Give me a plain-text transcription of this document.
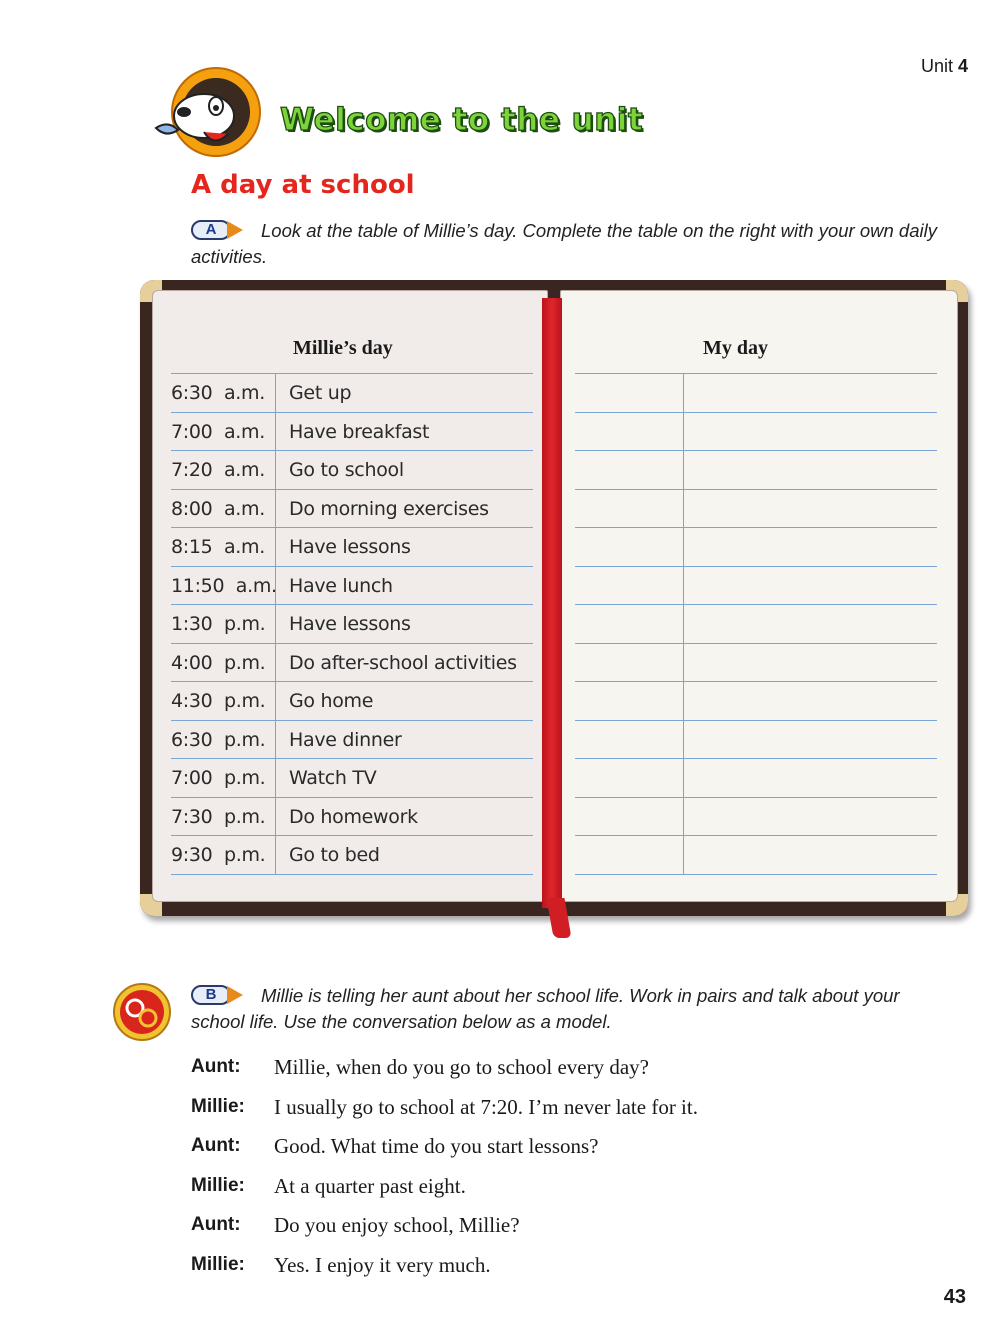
Unit 4
Welcome to the unit
A day at school
A	Look at the table of Millie’s day. Complete the table on the right with your own daily activities.
Millie’s day
6:30  a.m. Get up
7:00  a.m. Have breakfast
7:20  a.m. Go to school
8:00  a.m. Do morning exercises
8:15  a.m. Have lessons
11:50  a.m. Have lunch
1:30  p.m. Have lessons
4:00  p.m. Do after-school activities
4:30  p.m. Go home
6:30  p.m. Have dinner
7:00  p.m. Watch TV
7:30  p.m. Do homework
9:30  p.m. Go to bed
My day
B	Millie is telling her aunt about her school life. Work in pairs and talk about your school life. Use the conversation below as a model.
Aunt: Millie, when do you go to school every day?
Millie: I usually go to school at 7:20. I’m never late for it.
Aunt: Good. What time do you start lessons?
Millie: At a quarter past eight.
Aunt: Do you enjoy school, Millie?
Millie: Yes. I enjoy it very much.
43
